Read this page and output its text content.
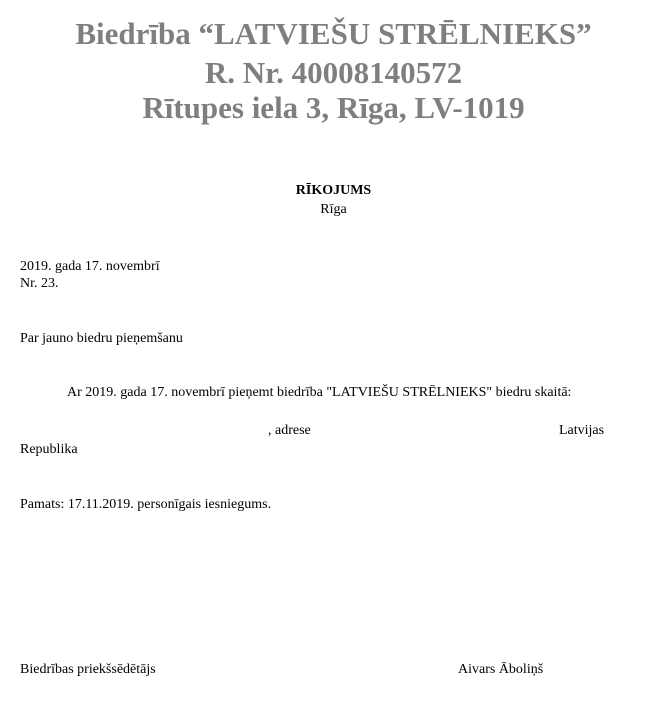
Biedrība “LATVIEŠU STRĒLNIEKS”
R. Nr. 40008140572
Rītupes iela 3, Rīga, LV-1019
RĪKOJUMS
Rīga
2019. gada 17. novembrī
Nr. 23.
Par jauno biedru pieņemšanu
Ar 2019. gada 17. novembrī pieņemt biedrība "LATVIEŠU STRĒLNIEKS" biedru skaitā:
, adrese	Latvijas
Republika
Pamats: 17.11.2019. personīgais iesniegums.
Biedrības priekšsēdētājs	Aivars Ābоliņš
